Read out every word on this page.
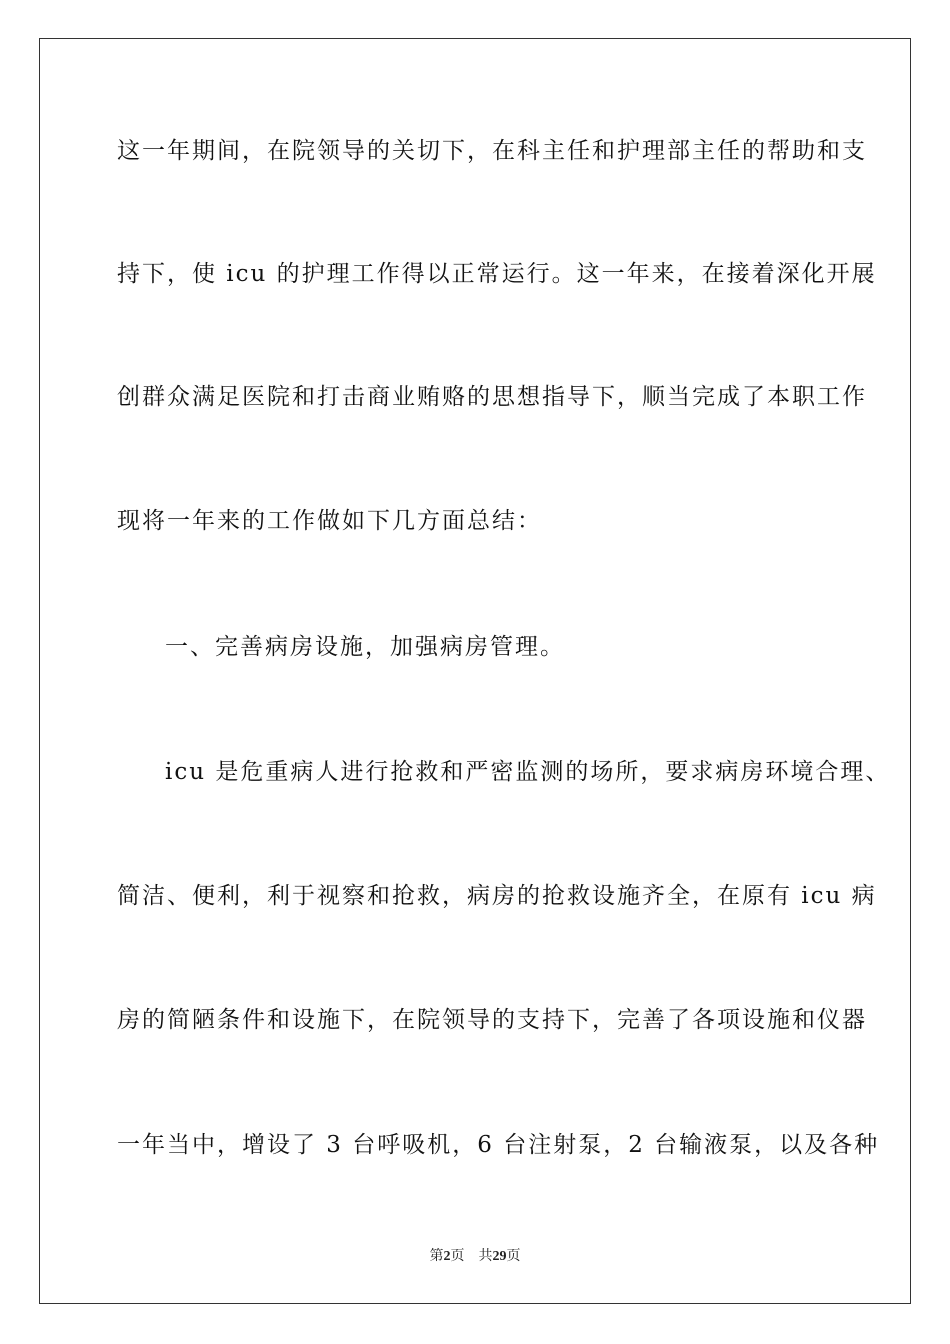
这一年期间，在院领导的关切下，在科主任和护理部主任的帮助和支
持下，使 icu 的护理工作得以正常运行。这一年来，在接着深化开展
创群众满足医院和打击商业贿赂的思想指导下，顺当完成了本职工作
现将一年来的工作做如下几方面总结：
一、完善病房设施，加强病房管理。
icu 是危重病人进行抢救和严密监测的场所，要求病房环境合理、
简洁、便利，利于视察和抢救，病房的抢救设施齐全，在原有 icu 病
房的简陋条件和设施下，在院领导的支持下，完善了各项设施和仪器
一年当中，增设了 3 台呼吸机，6 台注射泵，2 台输液泵，以及各种
第2页 共29页
